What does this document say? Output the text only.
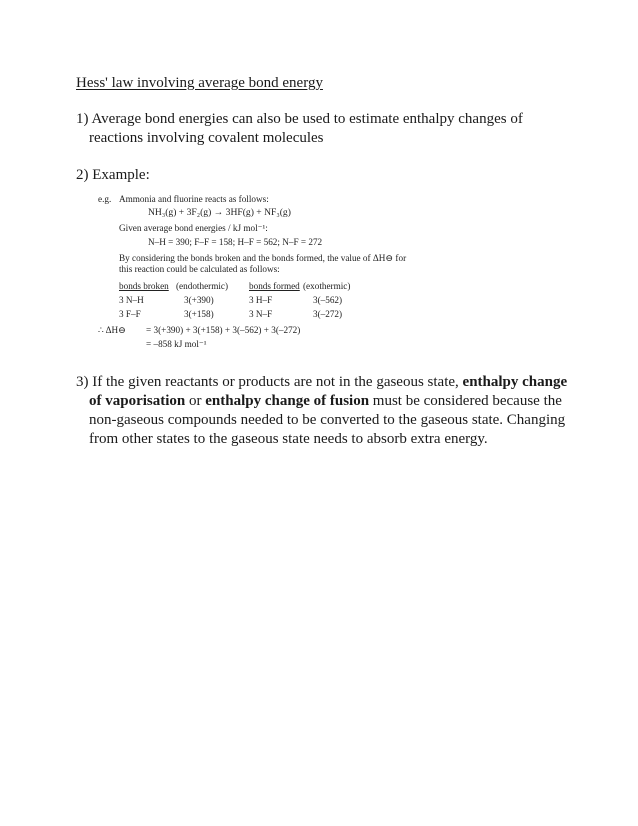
Hess' law involving average bond energy
1) Average bond energies can also be used to estimate enthalpy changes of reactions involving covalent molecules
2) Example:
e.g. Ammonia and fluorine reacts as follows:
NH₃(g) + 3F₂(g) → 3HF(g) + NF₃(g)
Given average bond energies / kJ mol⁻¹:
N–H = 390; F–F = 158; H–F = 562; N–F = 272
By considering the bonds broken and the bonds formed, the value of ΔH⊖ for
this reaction could be calculated as follows:
bonds broken (endothermic) bonds formed (exothermic)
3 N–H	3(+390)	3 H–F	3(–562)
3 F–F	3(+158)	3 N–F	3(–272)
∴ ΔH⊖ = 3(+390) + 3(+158) + 3(–562) + 3(–272)
= –858 kJ mol⁻¹
3) If the given reactants or products are not in the gaseous state, enthalpy change of vaporisation or enthalpy change of fusion must be considered because the non-gaseous compounds needed to be converted to the gaseous state. Changing from other states to the gaseous state needs to absorb extra energy.
